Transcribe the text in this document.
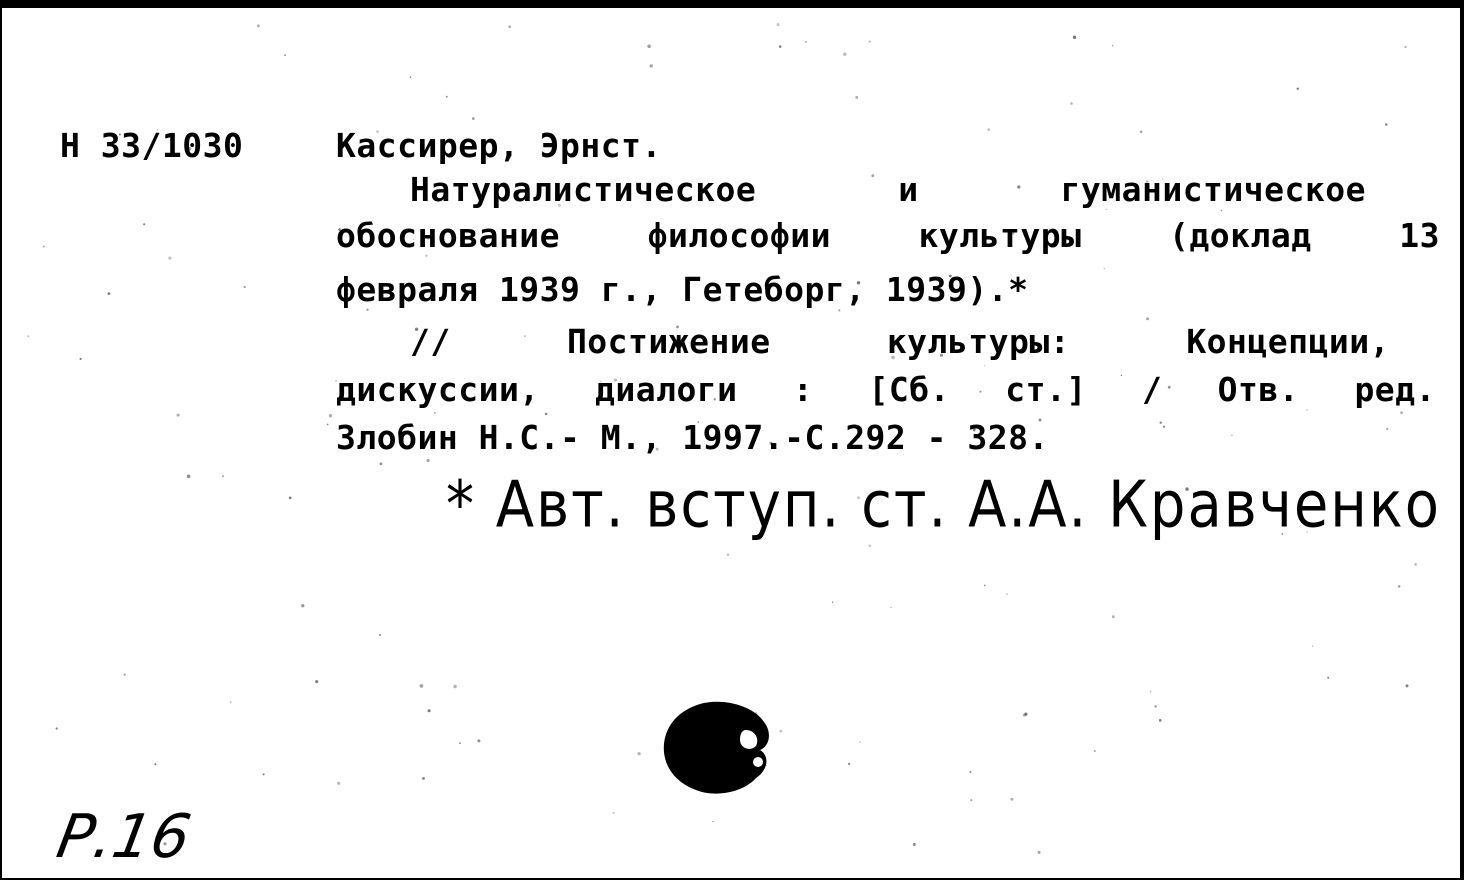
Н 33/1030	Кассирер, Эрнст.
Натуралистическое	и	гуманистическое
обоснование	философии	культуры	(доклад	13
февраля 1939 г., Гетеборг, 1939).*
//	Постижение	культуры:	Концепции,
дискуссии, диалоги : [Сб. ст.] / Отв. ред.
Злобин Н.С.- М., 1997.-С.292 - 328.
* Авт. вступ. ст. А.А. Кравченко
Р.16
